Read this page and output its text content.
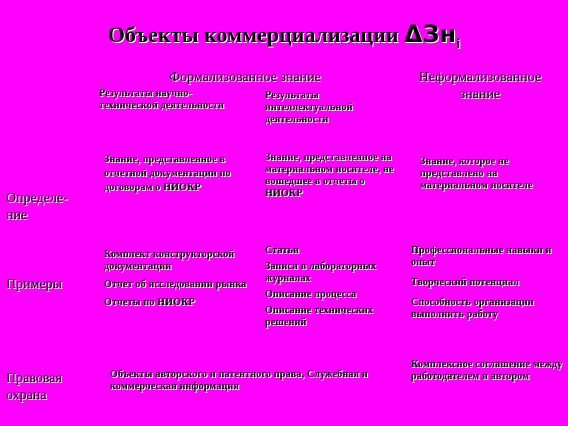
Объекты коммерциализации ΔЗн$_i$
Формализованное знание	Неформализованное знание
Результаты научно-технической деятельности
Результаты интеллектуальной деятельности
Определе-ние
Знание, представленное в отчетной документации по договорам о НИОКР
Знание, представленное на материальном носителе, не вошедшее в отчеты о НИОКР
Знание, которое не представлено на материальном носителе
Примеры

Комплект конструкторской документации

Отчет об исследовании рынка

Отчеты по НИОКР

Статьи

Записи в лабораторных журналах

Описание процесса

Описание технических решений

Профессиональные навыки и опыт

Творческий потенциал

Способность организации выполнить работу

Правовая охрана
Объекты авторского и патентного права, Служебная и коммерческая информация
Комплексное соглашение между работодателем и автором
